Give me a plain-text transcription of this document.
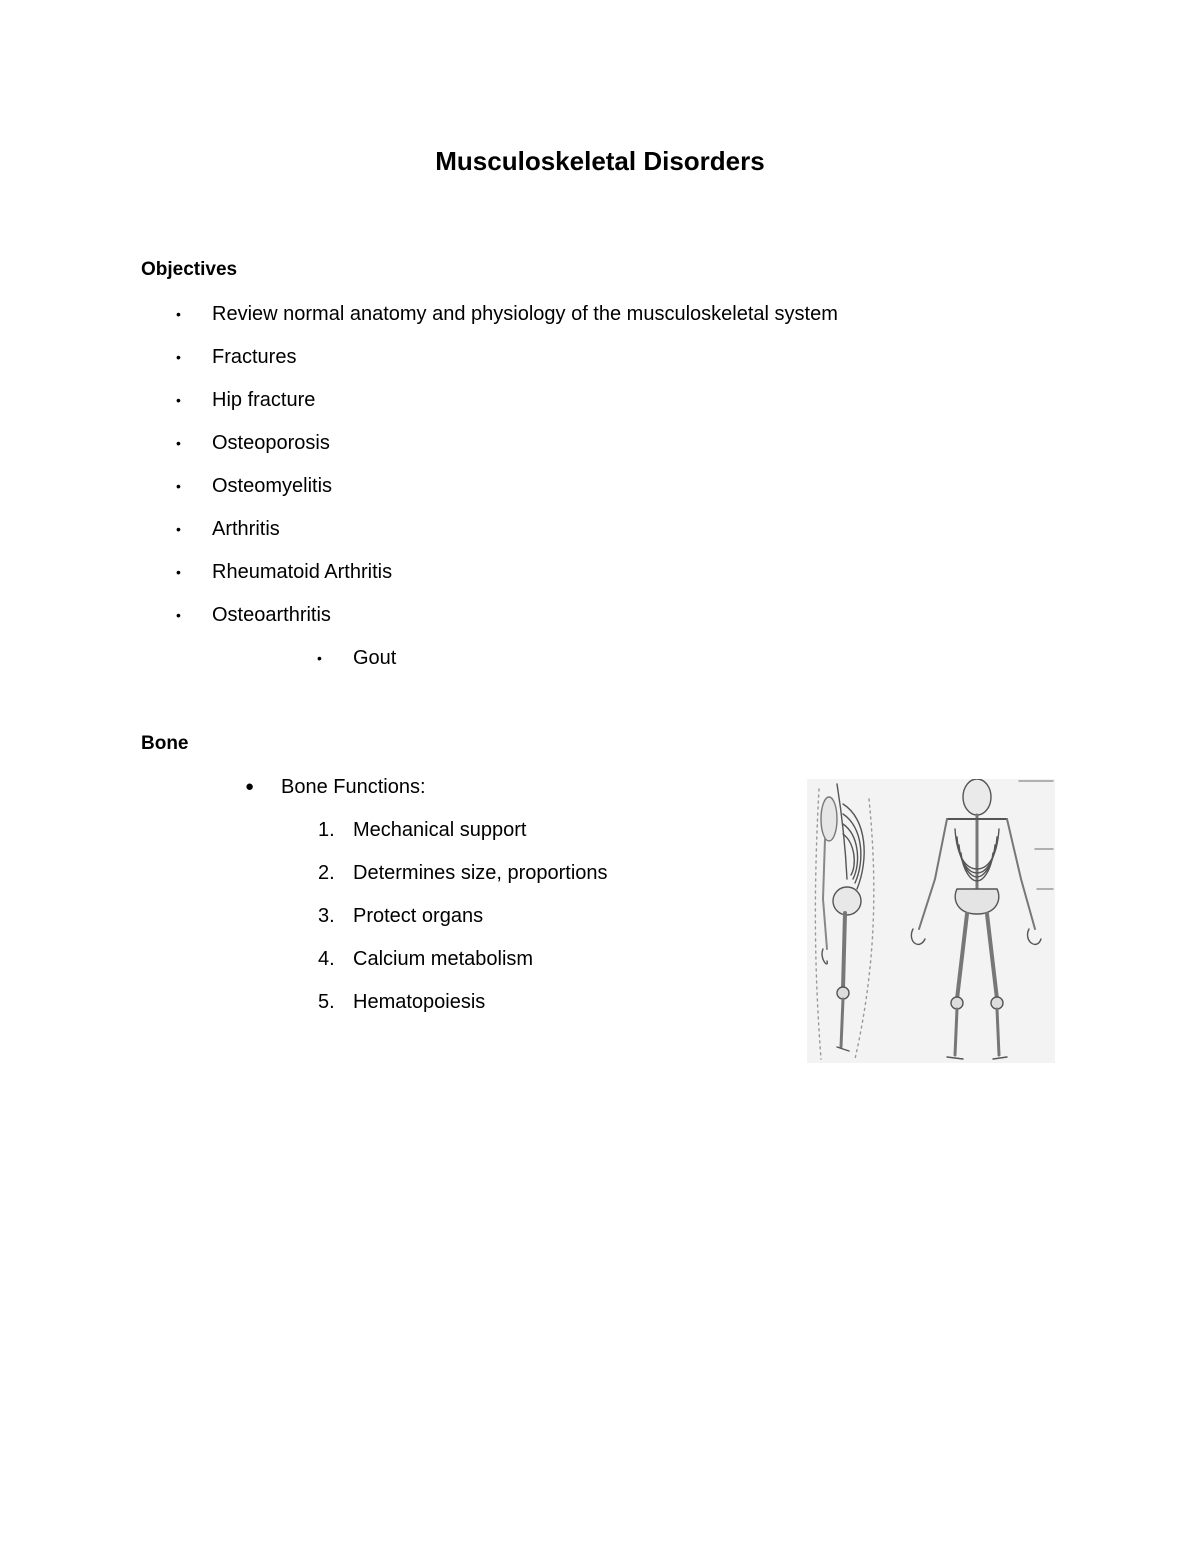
Musculoskeletal Disorders
Objectives
• Review normal anatomy and physiology of the musculoskeletal system
• Fractures
• Hip fracture
• Osteoporosis
• Osteomyelitis
• Arthritis
• Rheumatoid Arthritis
• Osteoarthritis
• Gout
Bone
● Bone Functions:
1. Mechanical support
2. Determines size, proportions
3. Protect organs
4. Calcium metabolism
5. Hematopoiesis
